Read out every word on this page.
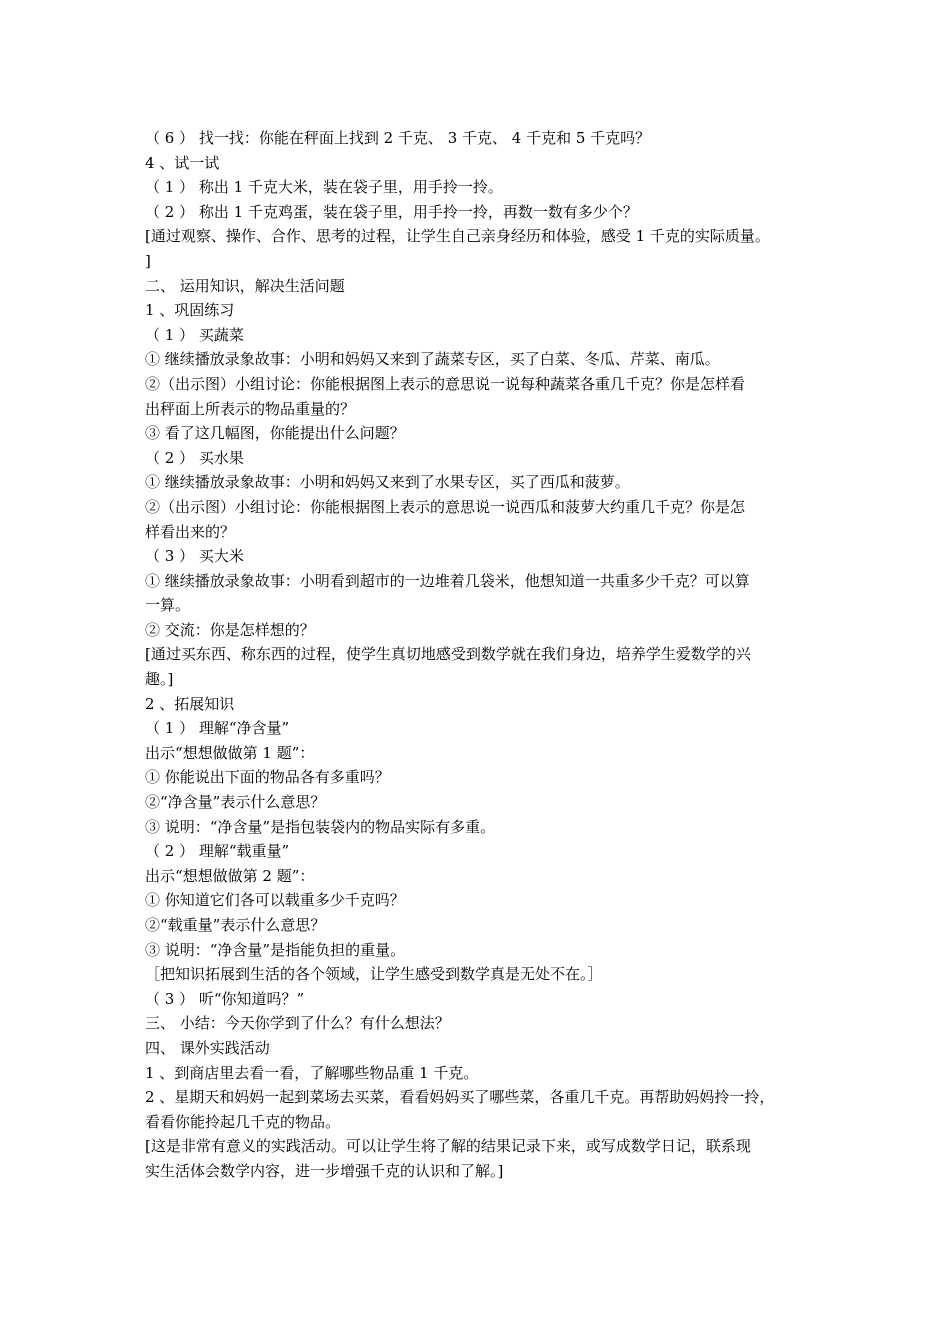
（ 6 ） 找一找：你能在秤面上找到 2 千克、 3 千克、 4 千克和 5 千克吗？
4 、试一试
（ 1 ） 称出 1 千克大米，装在袋子里，用手拎一拎。
（ 2 ） 称出 1 千克鸡蛋，装在袋子里，用手拎一拎，再数一数有多少个？
[通过观察、操作、合作、思考的过程，让学生自己亲身经历和体验，感受 1 千克的实际质量。
]
二、 运用知识，解决生活问题
1 、巩固练习
（ 1 ） 买蔬菜
① 继续播放录象故事：小明和妈妈又来到了蔬菜专区，买了白菜、冬瓜、芹菜、南瓜。
②（出示图）小组讨论：你能根据图上表示的意思说一说每种蔬菜各重几千克？你是怎样看
出秤面上所表示的物品重量的？
③ 看了这几幅图，你能提出什么问题？
（ 2 ） 买水果
① 继续播放录象故事：小明和妈妈又来到了水果专区，买了西瓜和菠萝。
②（出示图）小组讨论：你能根据图上表示的意思说一说西瓜和菠萝大约重几千克？你是怎
样看出来的？
（ 3 ） 买大米
① 继续播放录象故事：小明看到超市的一边堆着几袋米，他想知道一共重多少千克？可以算
一算。
② 交流：你是怎样想的？
[通过买东西、称东西的过程，使学生真切地感受到数学就在我们身边，培养学生爱数学的兴
趣。]
2 、拓展知识
（ 1 ） 理解“净含量”
出示“想想做做第 1 题”：
① 你能说出下面的物品各有多重吗？
②“净含量”表示什么意思？
③ 说明：“净含量”是指包装袋内的物品实际有多重。
（ 2 ） 理解“载重量”
出示“想想做做第 2 题”：
① 你知道它们各可以载重多少千克吗？
②“载重量”表示什么意思？
③ 说明：“净含量”是指能负担的重量。
［把知识拓展到生活的各个领域，让学生感受到数学真是无处不在。］
（ 3 ） 听“你知道吗？”
三、 小结：今天你学到了什么？有什么想法？
四、 课外实践活动
1 、到商店里去看一看，了解哪些物品重 1 千克。
2 、星期天和妈妈一起到菜场去买菜，看看妈妈买了哪些菜，各重几千克。再帮助妈妈拎一拎，
看看你能拎起几千克的物品。
[这是非常有意义的实践活动。可以让学生将了解的结果记录下来，或写成数学日记，联系现
实生活体会数学内容，进一步增强千克的认识和了解。]
